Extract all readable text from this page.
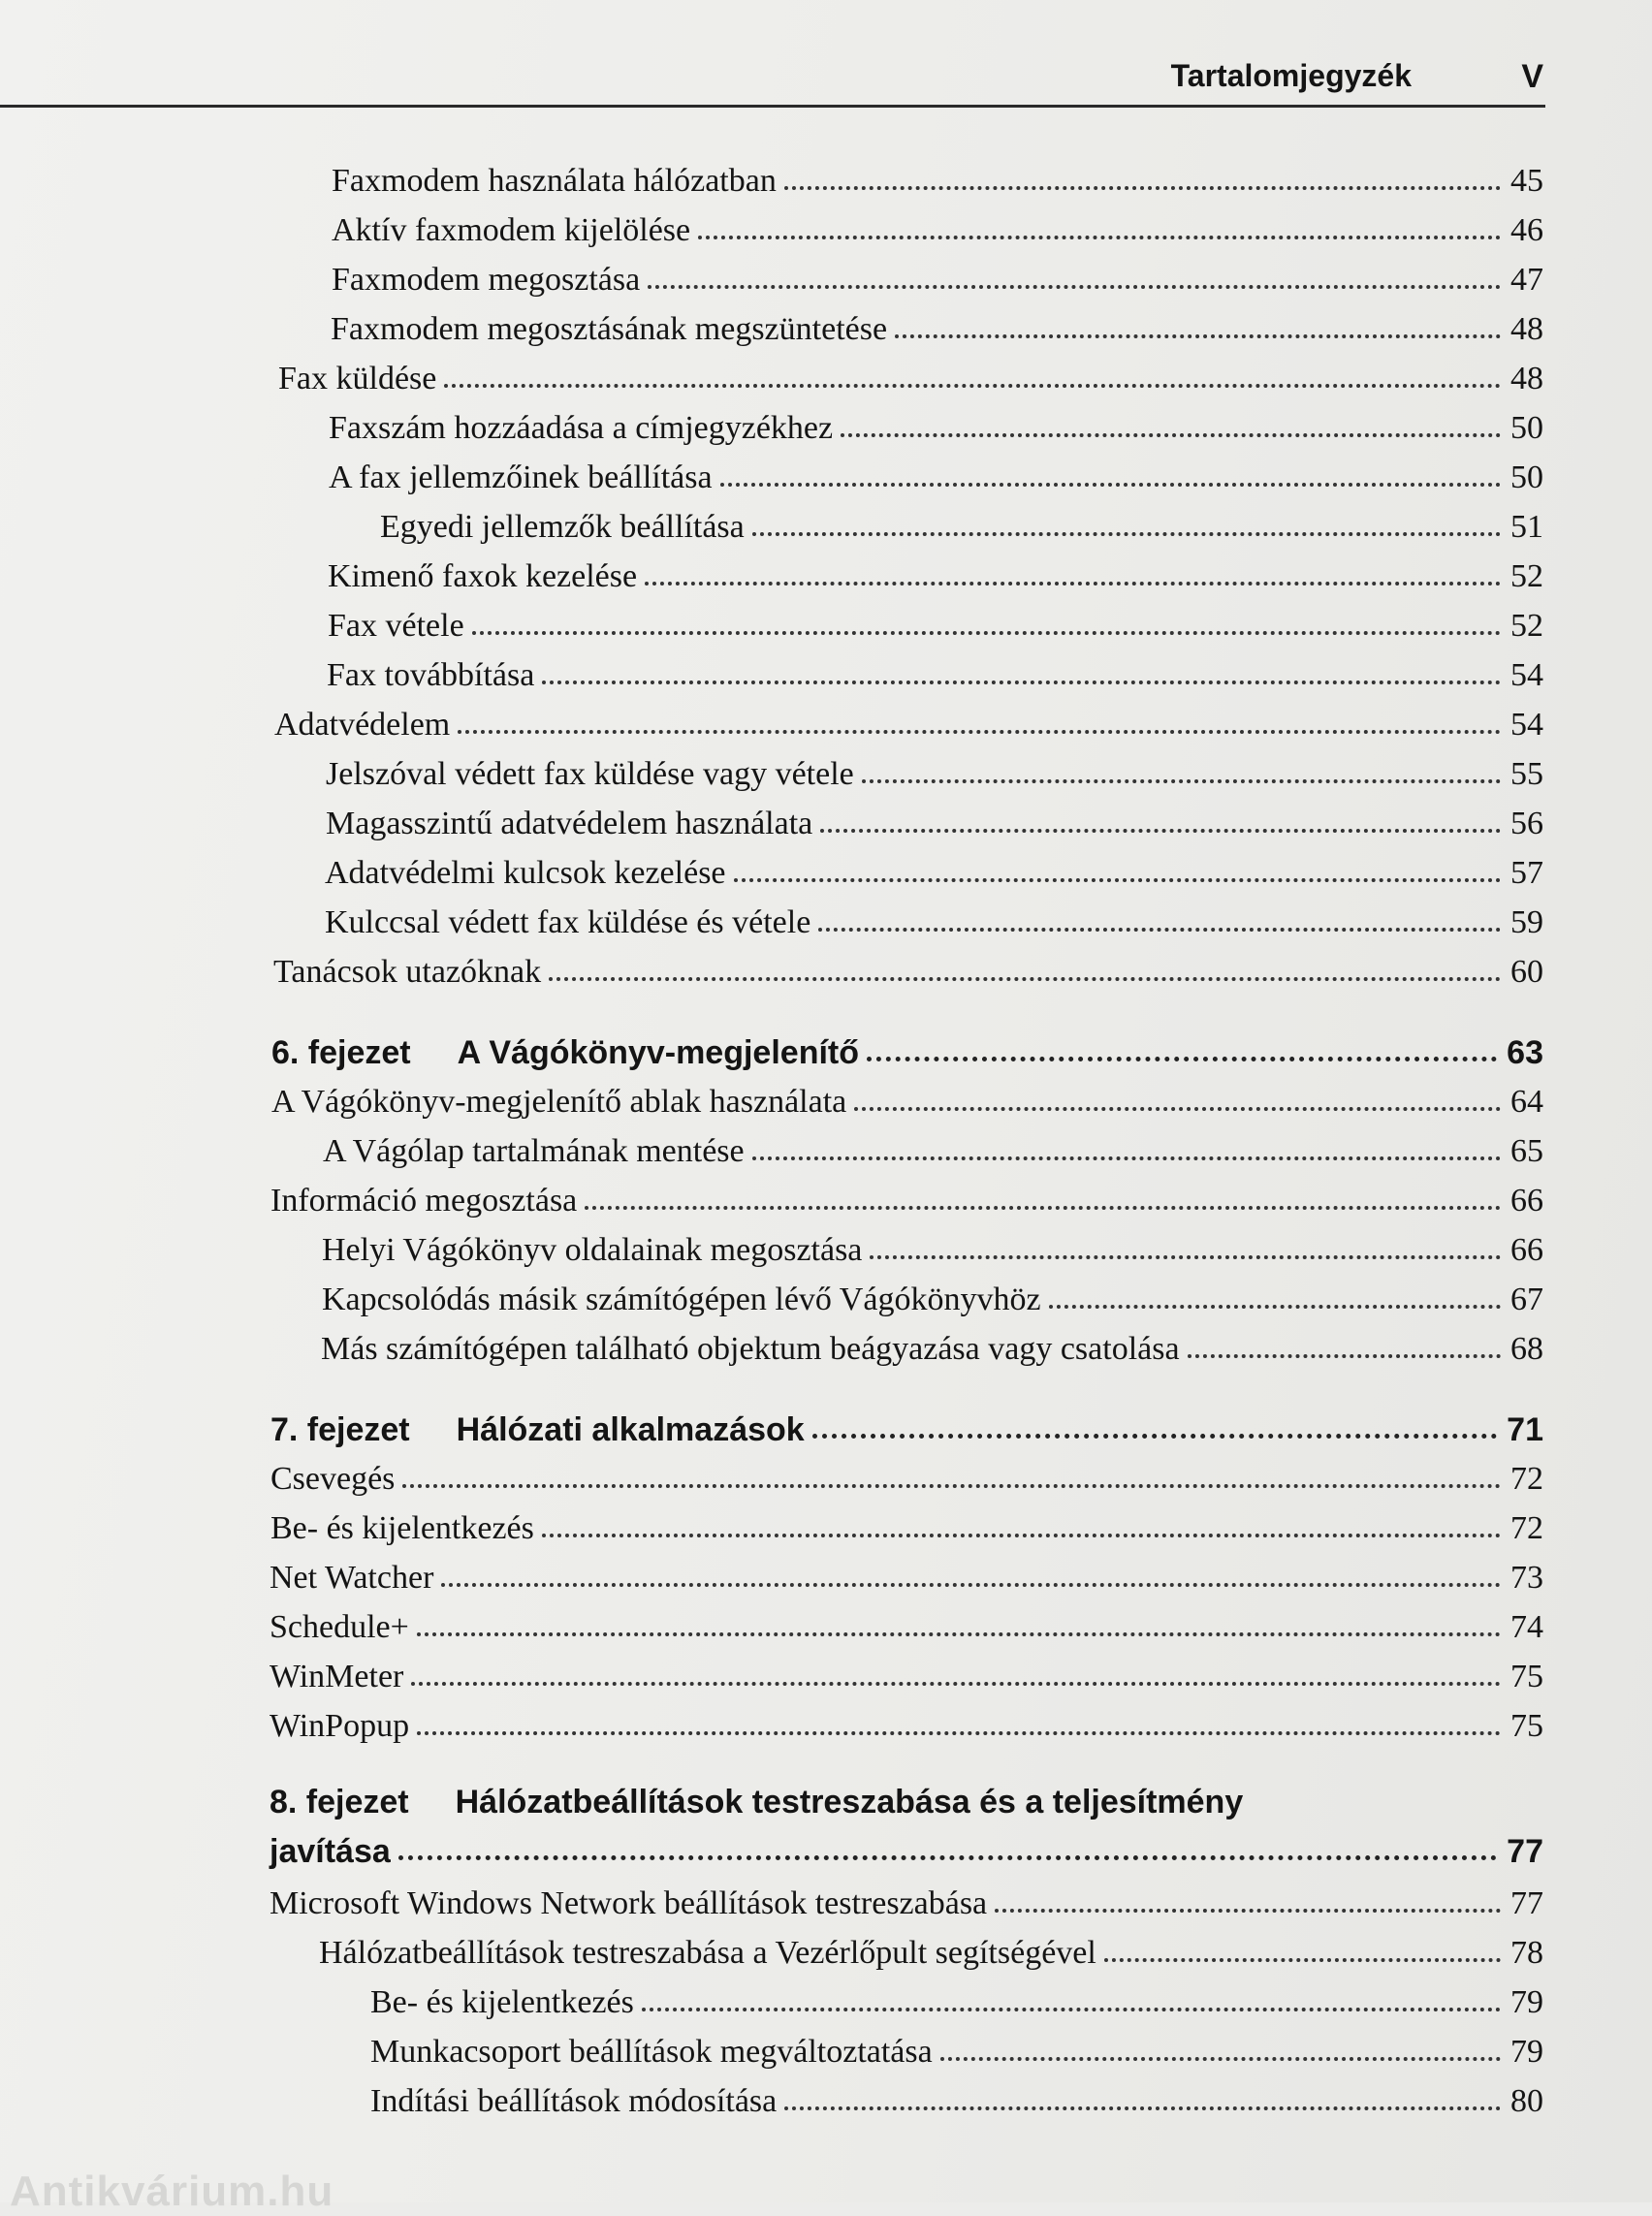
Tartalomjegyzék	V
Faxmodem használata hálózatban	45
Aktív faxmodem kijelölése	46
Faxmodem megosztása	47
Faxmodem megosztásának megszüntetése	48
Fax küldése	48
Faxszám hozzáadása a címjegyzékhez	50
A fax jellemzőinek beállítása	50
Egyedi jellemzők beállítása	51
Kimenő faxok kezelése	52
Fax vétele	52
Fax továbbítása	54
Adatvédelem	54
Jelszóval védett fax küldése vagy vétele	55
Magasszintű adatvédelem használata	56
Adatvédelmi kulcsok kezelése	57
Kulccsal védett fax küldése és vétele	59
Tanácsok utazóknak	60
6. fejezet A Vágókönyv-megjelenítő	63
A Vágókönyv-megjelenítő ablak használata	64
A Vágólap tartalmának mentése	65
Információ megosztása	66
Helyi Vágókönyv oldalainak megosztása	66
Kapcsolódás másik számítógépen lévő Vágókönyvhöz	67
Más számítógépen található objektum beágyazása vagy csatolása	68
7. fejezet Hálózati alkalmazások	71
Csevegés	72
Be- és kijelentkezés	72
Net Watcher	73
Schedule+	74
WinMeter	75
WinPopup	75
8. fejezet Hálózatbeállítások testreszabása és a teljesítmény
javítása	77
Microsoft Windows Network beállítások testreszabása	77
Hálózatbeállítások testreszabása a Vezérlőpult segítségével	78
Be- és kijelentkezés	79
Munkacsoport beállítások megváltoztatása	79
Indítási beállítások módosítása	80
Antikvárium.hu
